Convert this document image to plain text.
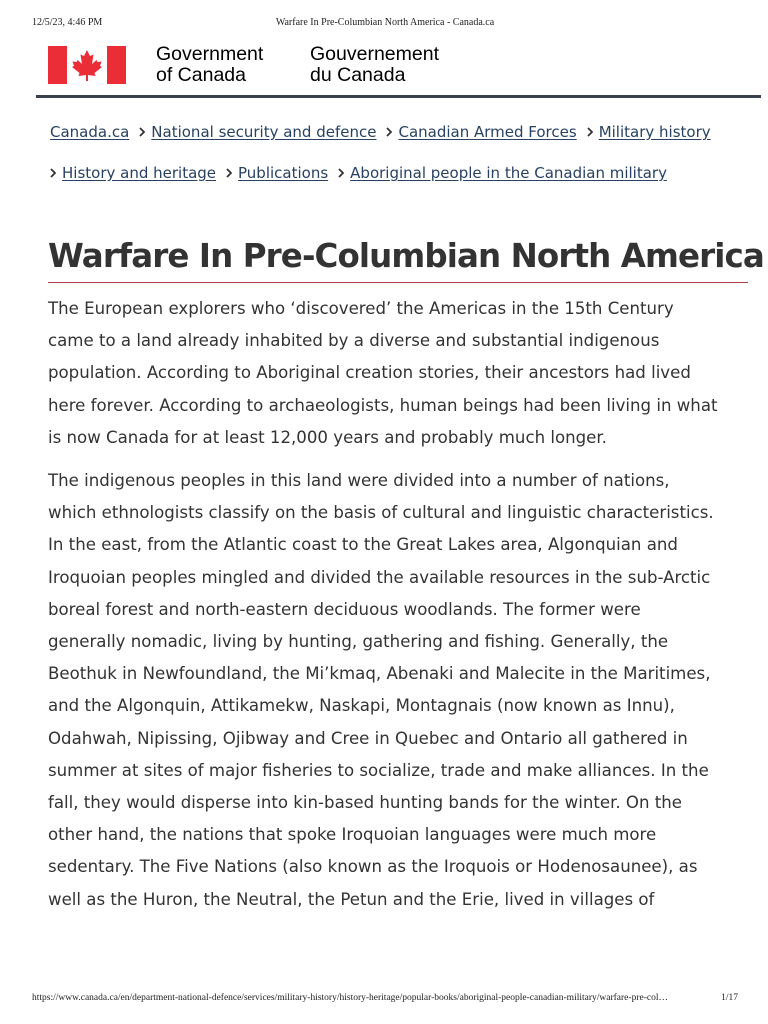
12/5/23, 4:46 PM	Warfare In Pre-Columbian North America - Canada.ca
Government
of Canada
Gouvernement
du Canada
Canada.ca National security and defence Canadian Armed Forces Military history
History and heritage Publications Aboriginal people in the Canadian military
Warfare In Pre-Columbian North America

The European explorers who ‘discovered’ the Americas in the 15th Century came to a land already inhabited by a diverse and substantial indigenous population. According to Aboriginal creation stories, their ancestors had lived here forever. According to archaeologists, human beings had been living in what is now Canada for at least 12,000 years and probably much longer.

The indigenous peoples in this land were divided into a number of nations, which ethnologists classify on the basis of cultural and linguistic characteristics. In the east, from the Atlantic coast to the Great Lakes area, Algonquian and Iroquoian peoples mingled and divided the available resources in the sub-Arctic boreal forest and north-eastern deciduous woodlands. The former were generally nomadic, living by hunting, gathering and fishing. Generally, the Beothuk in Newfoundland, the Mi’kmaq, Abenaki and Malecite in the Maritimes, and the Algonquin, Attikamekw, Naskapi, Montagnais (now known as Innu), Odahwah, Nipissing, Ojibway and Cree in Quebec and Ontario all gathered in summer at sites of major fisheries to socialize, trade and make alliances. In the fall, they would disperse into kin-based hunting bands for the winter. On the other hand, the nations that spoke Iroquoian languages were much more sedentary. The Five Nations (also known as the Iroquois or Hodenosaunee), as well as the Huron, the Neutral, the Petun and the Erie, lived in villages of

https://www.canada.ca/en/department-national-defence/services/military-history/history-heritage/popular-books/aboriginal-people-canadian-military/warfare-pre-col…	1/17
